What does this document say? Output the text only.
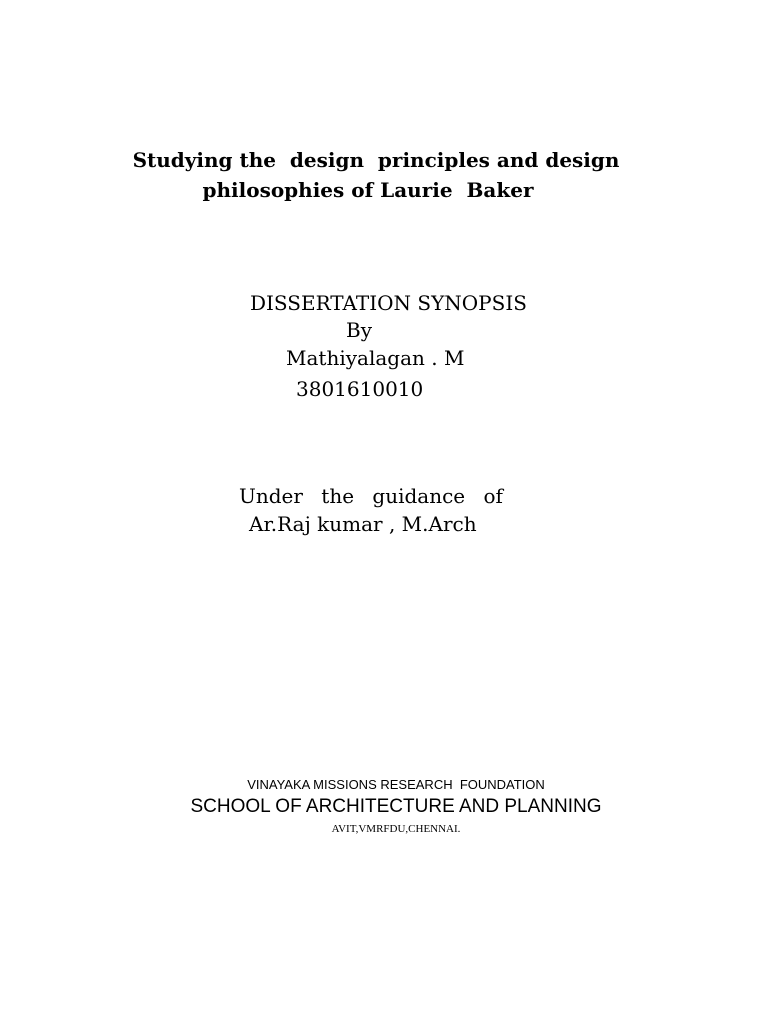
Studying the  design  principles and design
philosophies of Laurie  Baker
DISSERTATION SYNOPSIS
By
Mathiyalagan . M
3801610010
Under the guidance of
Ar.Raj kumar , M.Arch
VINAYAKA MISSIONS RESEARCH  FOUNDATION
SCHOOL OF ARCHITECTURE AND PLANNING
AVIT,VMRFDU,CHENNAI.
